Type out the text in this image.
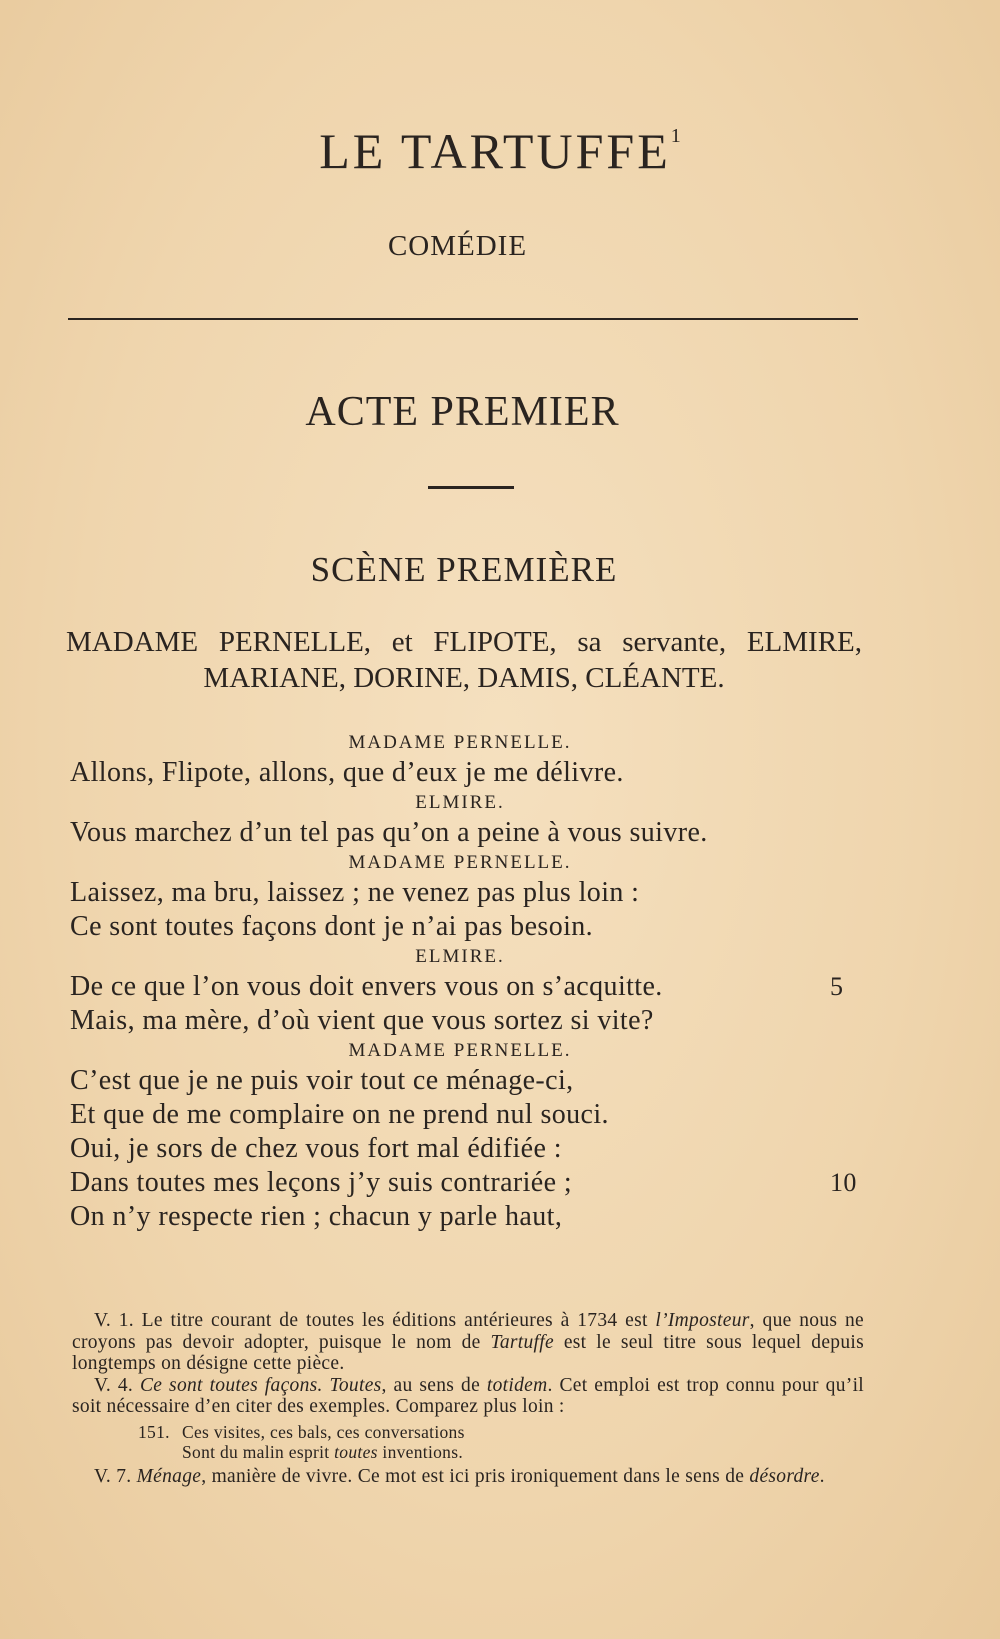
LE TARTUFFE$^1$
COMÉDIE
ACTE PREMIER
SCÈNE PREMIÈRE
MADAME PERNELLE, et FLIPOTE, sa servante, ELMIRE,
MARIANE, DORINE, DAMIS, CLÉANTE.
MADAME PERNELLE.
Allons, Flipote, allons, que d’eux je me délivre.
ELMIRE.
Vous marchez d’un tel pas qu’on a peine à vous suivre.
MADAME PERNELLE.
Laissez, ma bru, laissez ; ne venez pas plus loin :
Ce sont toutes façons dont je n’ai pas besoin.
ELMIRE.
De ce que l’on vous doit envers vous on s’acquitte.	5
Mais, ma mère, d’où vient que vous sortez si vite?
MADAME PERNELLE.
C’est que je ne puis voir tout ce ménage-ci,
Et que de me complaire on ne prend nul souci.
Oui, je sors de chez vous fort mal édifiée :
Dans toutes mes leçons j’y suis contrariée ;	10
On n’y respecte rien ; chacun y parle haut,

V. 1. Le titre courant de toutes les éditions antérieures à 1734 est l’Imposteur, que nous ne croyons pas devoir adopter, puisque le nom de Tartuffe est le seul titre sous lequel depuis longtemps on désigne cette pièce.

V. 4. Ce sont toutes façons. Toutes, au sens de totidem. Cet emploi est trop connu pour qu’il soit nécessaire d’en citer des exemples. Comparez plus loin :

151. Ces visites, ces bals, ces conversations
Sont du malin esprit toutes inventions.

V. 7. Ménage, manière de vivre. Ce mot est ici pris ironiquement dans le sens de désordre.
